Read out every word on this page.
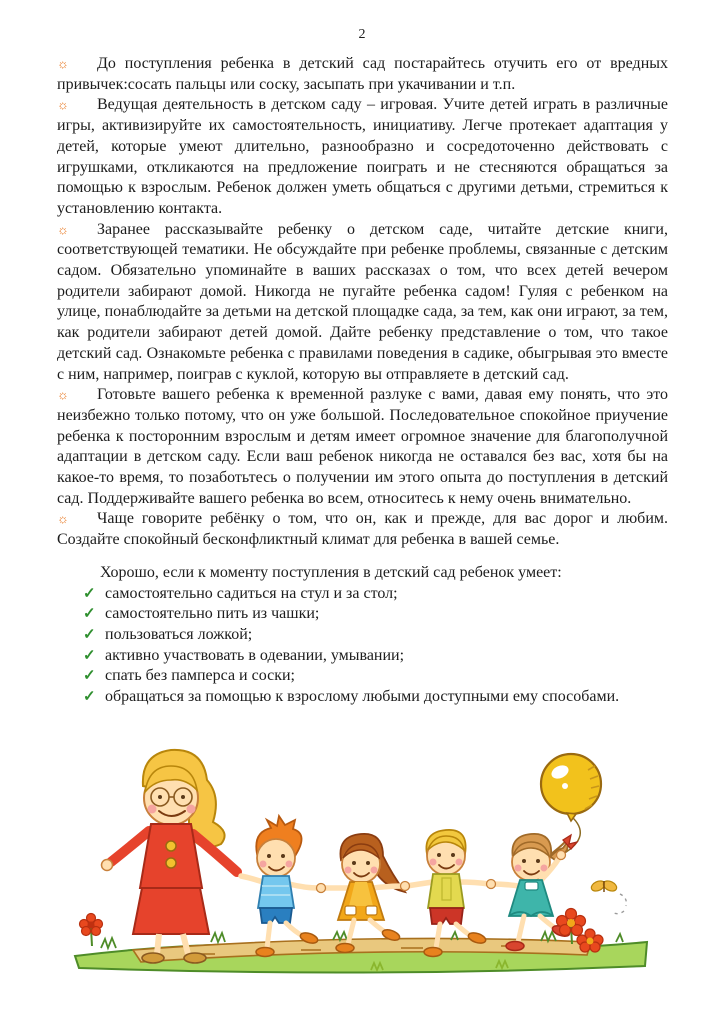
2

☼ До поступления ребенка в детский сад постарайтесь отучить его от вредных привычек:сосать пальцы или соску, засыпать при укачивании и т.п.

☼ Ведущая деятельность в детском саду – игровая. Учите детей играть в различные игры, активизируйте их самостоятельность, инициативу. Легче протекает адаптация у детей, которые умеют длительно, разнообразно и сосредоточенно действовать с игрушками, откликаются на предложение поиграть и не стесняются обращаться за помощью к взрослым. Ребенок должен уметь общаться с другими детьми, стремиться к установлению контакта.

☼ Заранее рассказывайте ребенку о детском саде, читайте детские книги, соответствующей тематики. Не обсуждайте при ребенке проблемы, связанные с детским садом. Обязательно упоминайте в ваших рассказах о том, что всех детей вечером родители забирают домой. Никогда не пугайте ребенка садом! Гуляя с ребенком на улице, понаблюдайте за детьми на детской площадке сада, за тем, как они играют, за тем, как родители забирают детей домой. Дайте ребенку представление о том, что такое детский сад. Ознакомьте ребенка с правилами поведения в садике, обыгрывая это вместе с ним, например, поиграв с куклой, которую вы отправляете в детский сад.

☼ Готовьте вашего ребенка к временной разлуке с вами, давая ему понять, что это неизбежно только потому, что он уже большой. Последовательное спокойное приучение ребенка к посторонним взрослым и детям имеет огромное значение для благополучной адаптации в детском саду. Если ваш ребенок никогда не оставался без вас, хотя бы на какое-то время, то позаботьтесь о получении им этого опыта до поступления в детский сад. Поддерживайте вашего ребенка во всем, относитесь к нему очень внимательно.

☼ Чаще говорите ребёнку о том, что он, как и прежде, для вас дорог и любим. Создайте спокойный бесконфликтный климат для ребенка в вашей семье.

Хорошо, если к моменту поступления в детский сад ребенок умеет:

✓ самостоятельно садиться на стул и за стол;
✓ самостоятельно пить из чашки;
✓ пользоваться ложкой;
✓ активно участвовать в одевании, умывании;
✓ спать без памперса и соски;
✓ обращаться за помощью к взрослому любыми доступными ему способами.
